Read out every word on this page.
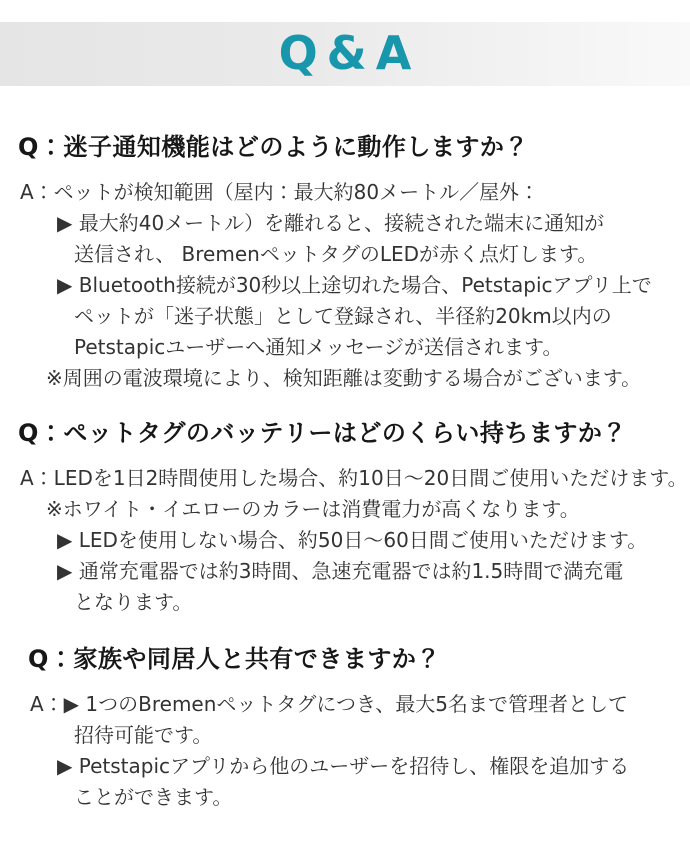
Q&A
Q：迷子通知機能はどのように動作しますか？
A：ペットが検知範囲（屋内：最大約80メートル／屋外：
▶ 最大約40メートル）を離れると、接続された端末に通知が
送信され、 BremenペットタグのLEDが赤く点灯します。
▶ Bluetooth接続が30秒以上途切れた場合、Petstapicアプリ上で
ペットが「迷子状態」として登録され、半径約20km以内の
Petstapicユーザーへ通知メッセージが送信されます。
※周囲の電波環境により、検知距離は変動する場合がございます。
Q：ペットタグのバッテリーはどのくらい持ちますか？
A：LEDを1日2時間使用した場合、約10日〜20日間ご使用いただけます。
※ホワイト・イエローのカラーは消費電力が高くなります。
▶ LEDを使用しない場合、約50日〜60日間ご使用いただけます。
▶ 通常充電器では約3時間、急速充電器では約1.5時間で満充電
となります。
Q：家族や同居人と共有できますか？
A：▶ 1つのBremenペットタグにつき、最大5名まで管理者として
招待可能です。
▶ Petstapicアプリから他のユーザーを招待し、権限を追加する
ことができます。
